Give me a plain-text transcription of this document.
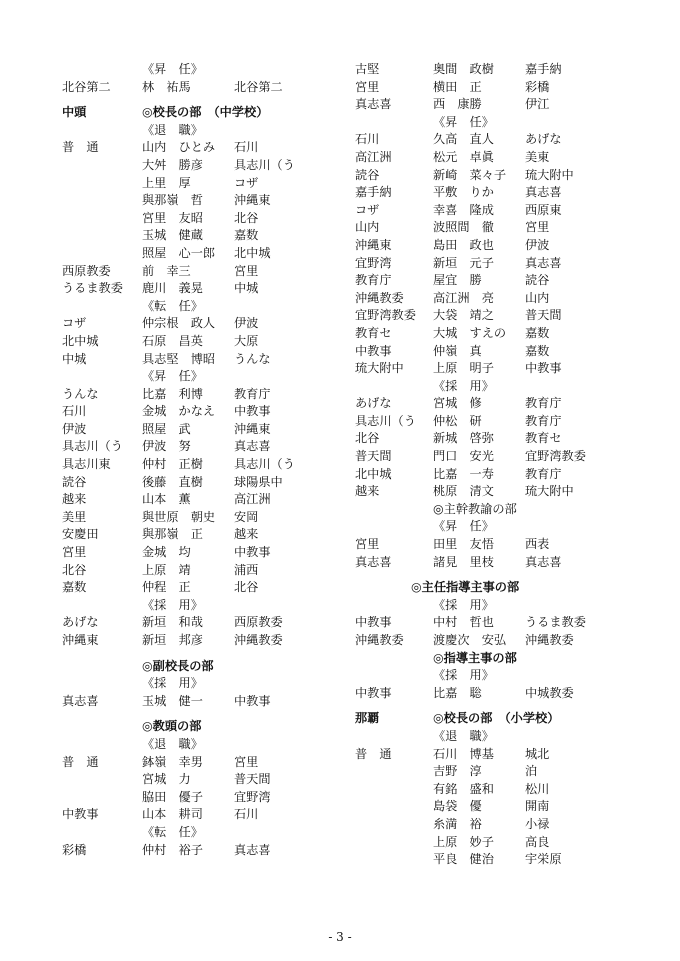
《昇　任》
北谷第二	林　祐馬	北谷第二
中頭	◎校長の部　（中学校）
《退　職》
普　通	山内　ひとみ 石川
大舛　勝彦	具志川（う
上里　厚	コザ
與那嶺　哲	沖縄東
宮里　友昭	北谷
玉城　健蔵	嘉数
照屋　心一郎 北中城
西原教委	前　幸三	宮里
うるま教委 鹿川　義晃	中城
《転　任》
コザ	仲宗根　政人 伊波
北中城	石原　昌英	大原
中城	具志堅　博昭 うんな
《昇　任》
うんな	比嘉　利博	教育庁
石川	金城　かなえ 中教事
伊波	照屋　武	沖縄東
具志川（う 伊波　努	真志喜
具志川東	仲村　正樹	具志川（う
読谷	後藤　直樹	球陽県中
越来	山本　薫	高江洲
美里	與世原　朝史 安岡
安慶田	與那嶺　正	越来
宮里	金城　均	中教事
北谷	上原　靖	浦西
嘉数	仲程　正	北谷
《採　用》
あげな	新垣　和哉	西原教委
沖縄東	新垣　邦彦	沖縄教委
◎副校長の部
《採　用》
真志喜	玉城　健一	中教事
◎教頭の部
《退　職》
普　通	鉢嶺　幸男	宮里
宮城　力	普天間
脇田　優子	宜野湾
中教事	山本　耕司	石川
《転　任》
彩橋	仲村　裕子	真志喜
古堅	奥間　政樹	嘉手納
宮里	横田　正	彩橋
真志喜	西　康勝	伊江
《昇　任》
石川	久高　直人	あげな
高江洲	松元　卓眞	美東
読谷	新崎　菜々子 琉大附中
嘉手納	平敷　りか	真志喜
コザ	幸喜　隆成	西原東
山内	波照間　徹	宮里
沖縄東	島田　政也	伊波
宜野湾	新垣　元子	真志喜
教育庁	屋宜　勝	読谷
沖縄教委 高江洲　亮	山内
宜野湾教委 大袋　靖之	普天間
教育セ	大城　すえの 嘉数
中教事	仲嶺　真	嘉数
琉大附中 上原　明子	中教事
《採　用》
あげな	宮城　修	教育庁
具志川（う 仲松　研	教育庁
北谷	新城　啓弥	教育セ
普天間	門口　安光	宜野湾教委
北中城	比嘉　一寿	教育庁
越来	桃原　清文	琉大附中
◎主幹教諭の部
《昇　任》
宮里	田里　友悟	西表
真志喜	諸見　里枝	真志喜
◎主任指導主事の部
《採　用》
中教事	中村　哲也	うるま教委
沖縄教委 渡慶次　安弘 沖縄教委
◎指導主事の部
《採　用》
中教事	比嘉　聡	中城教委
那覇	◎校長の部　（小学校）
《退　職》
普　通	石川　博基	城北
吉野　淳	泊
有銘　盛和	松川
島袋　優	開南
糸満　裕	小禄
上原　妙子	高良
平良　健治	宇栄原
- 3 -
